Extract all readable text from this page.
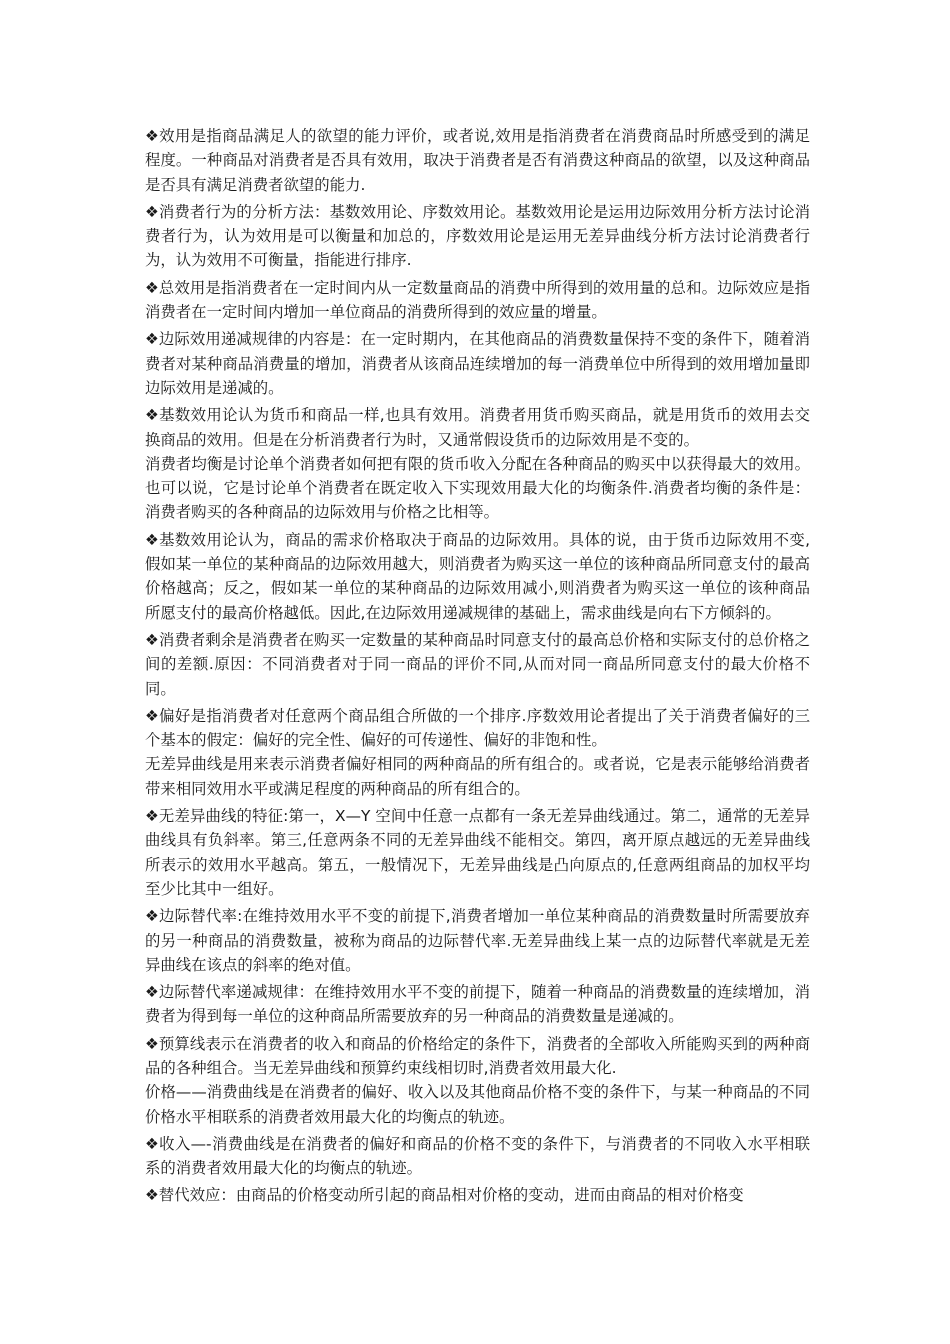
❖效用是指商品满足人的欲望的能力评价，或者说,效用是指消费者在消费商品时所感受到的满足程度。一种商品对消费者是否具有效用，取决于消费者是否有消费这种商品的欲望，以及这种商品是否具有满足消费者欲望的能力.

❖消费者行为的分析方法：基数效用论、序数效用论。基数效用论是运用边际效用分析方法讨论消费者行为，认为效用是可以衡量和加总的，序数效用论是运用无差异曲线分析方法讨论消费者行为，认为效用不可衡量，指能进行排序.

❖总效用是指消费者在一定时间内从一定数量商品的消费中所得到的效用量的总和。边际效应是指消费者在一定时间内增加一单位商品的消费所得到的效应量的增量。

❖边际效用递减规律的内容是：在一定时期内，在其他商品的消费数量保持不变的条件下，随着消费者对某种商品消费量的增加，消费者从该商品连续增加的每一消费单位中所得到的效用增加量即边际效用是递减的。

❖基数效用论认为货币和商品一样,也具有效用。消费者用货币购买商品，就是用货币的效用去交换商品的效用。但是在分析消费者行为时，又通常假设货币的边际效用是不变的。

消费者均衡是讨论单个消费者如何把有限的货币收入分配在各种商品的购买中以获得最大的效用。也可以说，它是讨论单个消费者在既定收入下实现效用最大化的均衡条件.消费者均衡的条件是：消费者购买的各种商品的边际效用与价格之比相等。

❖基数效用论认为，商品的需求价格取决于商品的边际效用。具体的说，由于货币边际效用不变,假如某一单位的某种商品的边际效用越大，则消费者为购买这一单位的该种商品所同意支付的最高价格越高；反之，假如某一单位的某种商品的边际效用减小,则消费者为购买这一单位的该种商品所愿支付的最高价格越低。因此,在边际效用递减规律的基础上，需求曲线是向右下方倾斜的。

❖消费者剩余是消费者在购买一定数量的某种商品时同意支付的最高总价格和实际支付的总价格之间的差额.原因：不同消费者对于同一商品的评价不同,从而对同一商品所同意支付的最大价格不同。

❖偏好是指消费者对任意两个商品组合所做的一个排序.序数效用论者提出了关于消费者偏好的三个基本的假定：偏好的完全性、偏好的可传递性、偏好的非饱和性。

无差异曲线是用来表示消费者偏好相同的两种商品的所有组合的。或者说，它是表示能够给消费者带来相同效用水平或满足程度的两种商品的所有组合的。

❖无差异曲线的特征:第一，X—Y 空间中任意一点都有一条无差异曲线通过。第二，通常的无差异曲线具有负斜率。第三,任意两条不同的无差异曲线不能相交。第四，离开原点越远的无差异曲线所表示的效用水平越高。第五，一般情况下，无差异曲线是凸向原点的,任意两组商品的加权平均至少比其中一组好。

❖边际替代率:在维持效用水平不变的前提下,消费者增加一单位某种商品的消费数量时所需要放弃的另一种商品的消费数量，被称为商品的边际替代率.无差异曲线上某一点的边际替代率就是无差异曲线在该点的斜率的绝对值。

❖边际替代率递减规律：在维持效用水平不变的前提下，随着一种商品的消费数量的连续增加，消费者为得到每一单位的这种商品所需要放弃的另一种商品的消费数量是递减的。

❖预算线表示在消费者的收入和商品的价格给定的条件下，消费者的全部收入所能购买到的两种商品的各种组合。当无差异曲线和预算约束线相切时,消费者效用最大化.

价格——消费曲线是在消费者的偏好、收入以及其他商品价格不变的条件下，与某一种商品的不同价格水平相联系的消费者效用最大化的均衡点的轨迹。

❖收入—-消费曲线是在消费者的偏好和商品的价格不变的条件下，与消费者的不同收入水平相联系的消费者效用最大化的均衡点的轨迹。

❖替代效应：由商品的价格变动所引起的商品相对价格的变动，进而由商品的相对价格变
